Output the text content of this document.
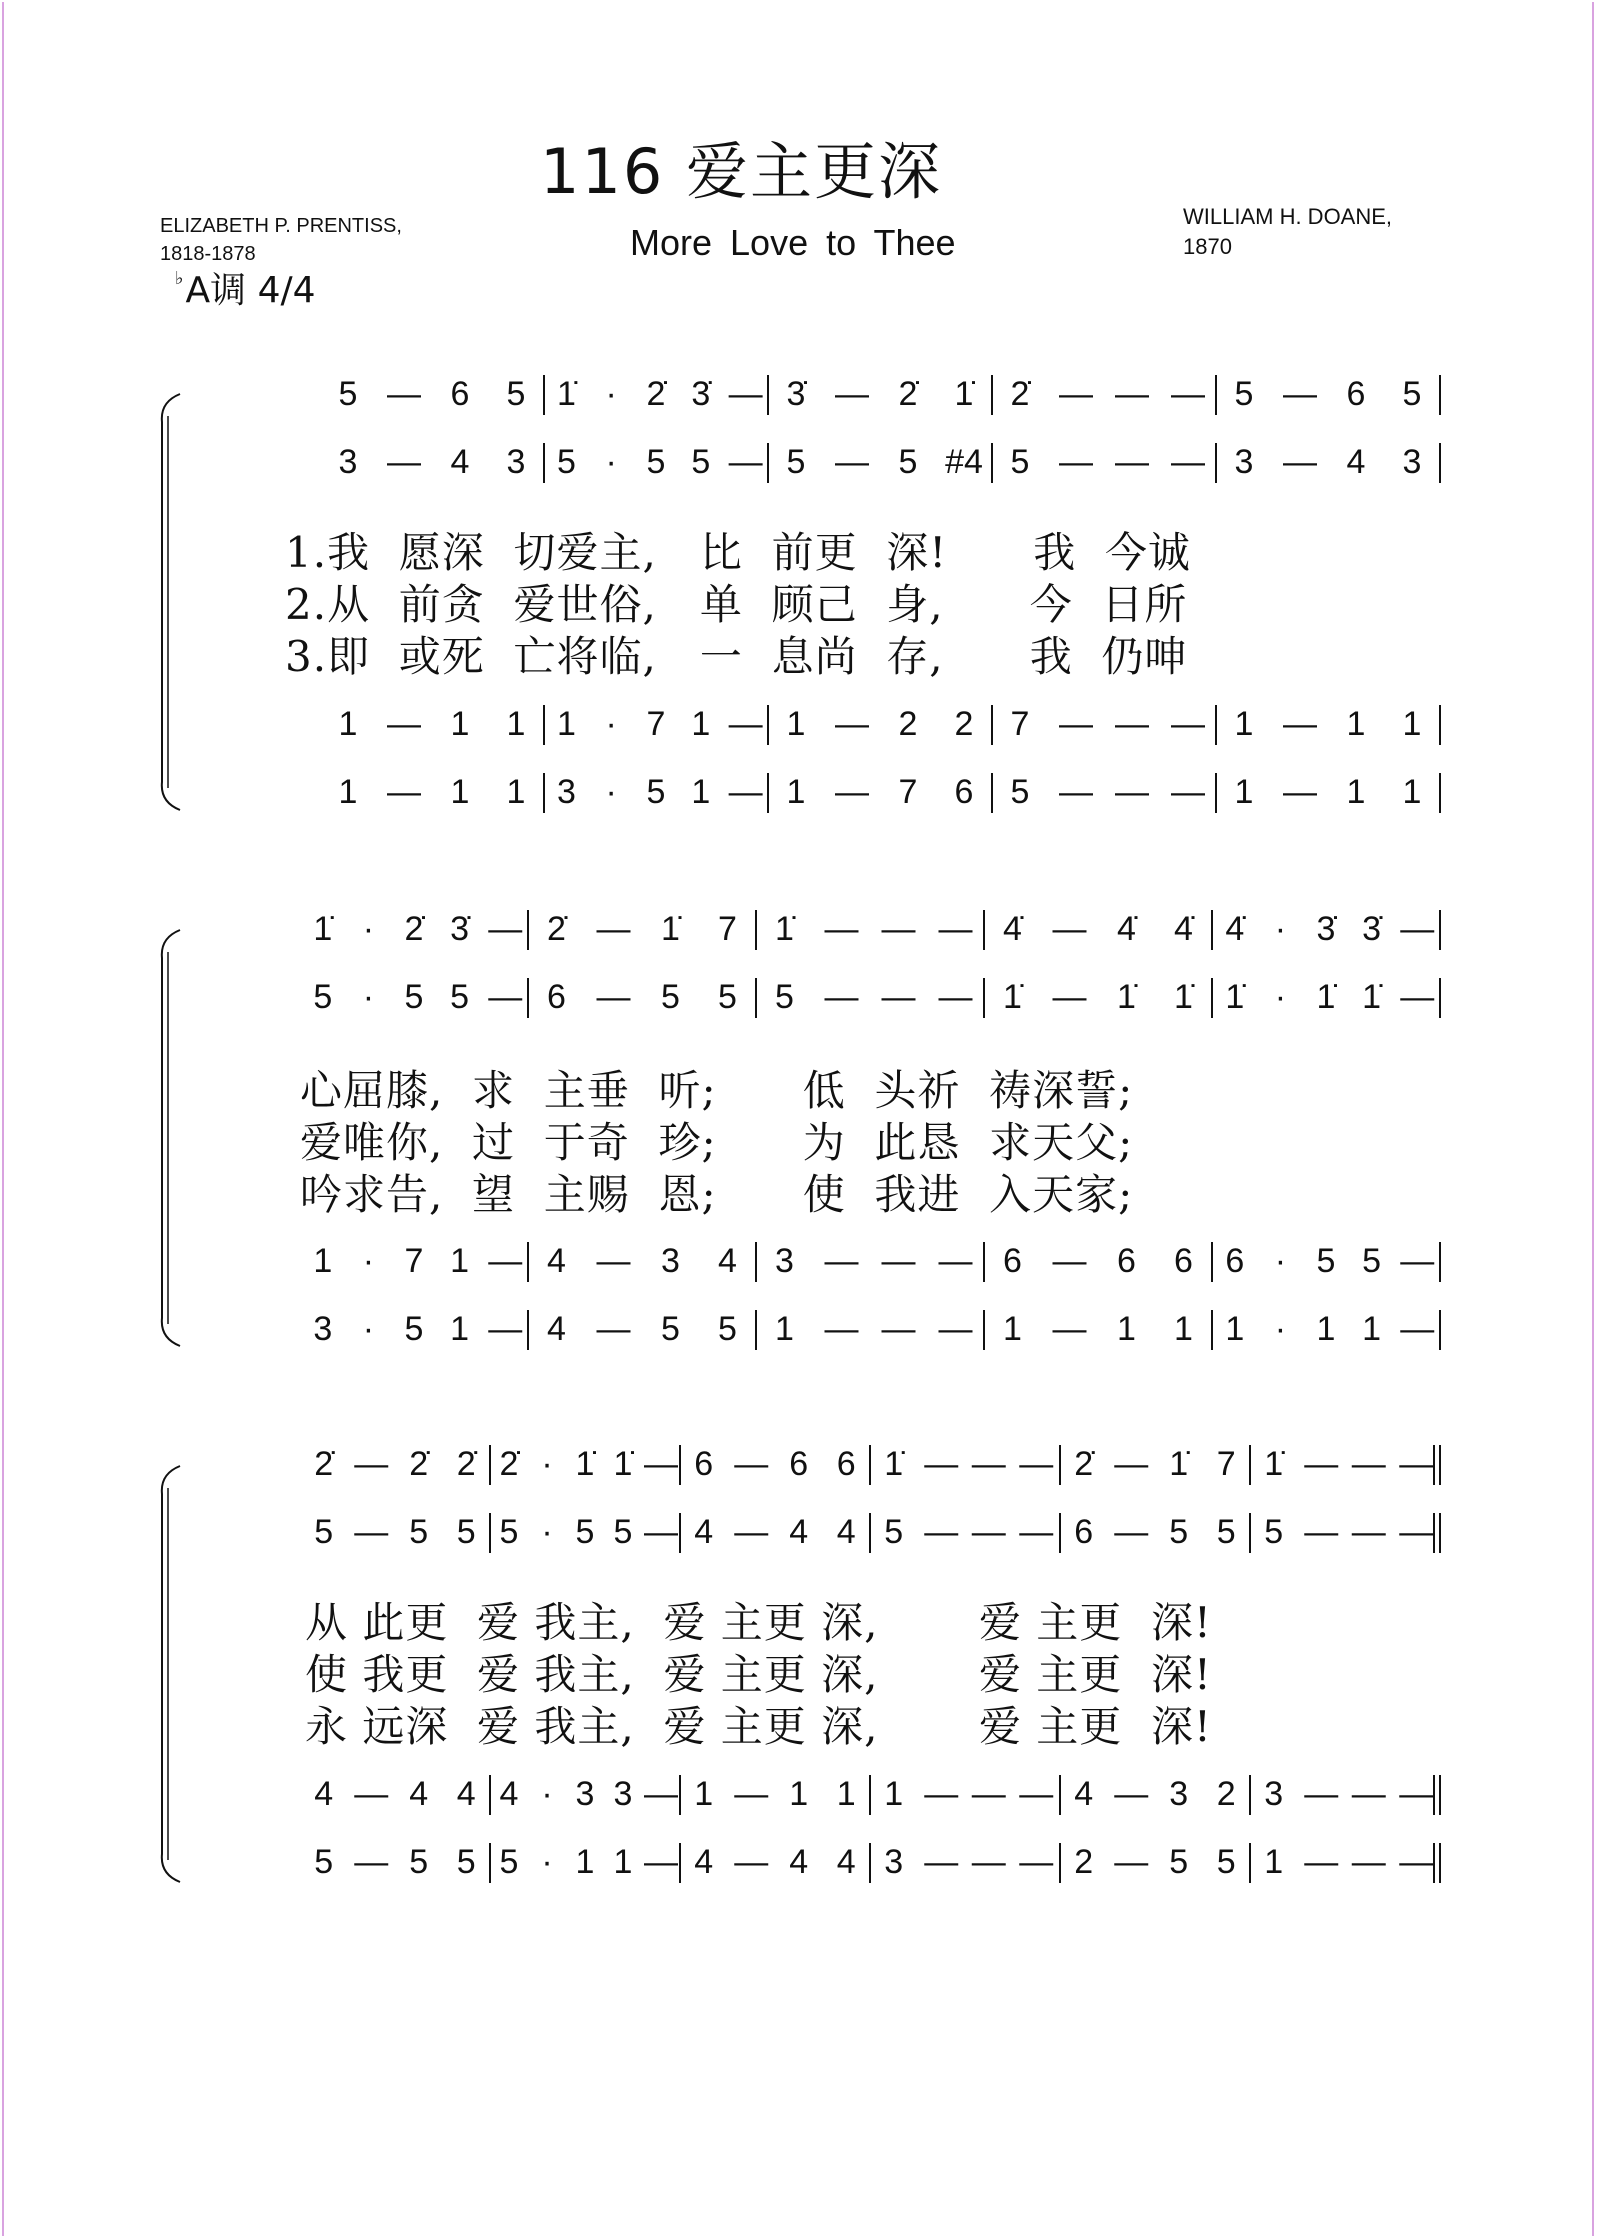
116 爱主更深
More Love to Thee
ELIZABETH P. PRENTISS,
1818-1878
WILLIAM H. DOANE,
1870
♭A调 4/4
5 — 6 5 1̇ · 2̇ 3̇ — 3̇ — 2̇ 1̇ 2̇ — — — 5 — 6 5
3 — 4 3 5 · 5 5 — 5 — 5 #4 5 — — — 3 — 4 3
1 — 1 1 1 · 7 1 — 1 — 2 2 7 — — — 1 — 1 1
1 — 1 1 3 · 5 1 — 1 — 7 6 5 — — — 1 — 1 1
1̇ · 2̇ 3̇ — 2̇ — 1̇ 7 1̇ — — — 4̇ — 4̇ 4̇ 4̇ · 3̇ 3̇ —
5 · 5 5 — 6 — 5 5 5 — — — 1̇ — 1̇ 1̇ 1̇ · 1̇ 1̇ —
1 · 7 1 — 4 — 3 4 3 — — — 6 — 6 6 6 · 5 5 —
3 · 5 1 — 4 — 5 5 1 — — — 1 — 1 1 1 · 1 1 —
2̇ — 2̇ 2̇ 2̇ · 1̇ 1̇ — 6 — 6 6 1̇ — — — 2̇ — 1̇ 7 1̇ — — —
5 — 5 5 5 · 5 5 — 4 — 4 4 5 — — — 6 — 5 5 5 — — —
4 — 4 4 4 · 3 3 — 1 — 1 1 1 — — — 4 — 3 2 3 — — —
5 — 5 5 5 · 1 1 — 4 — 4 4 3 — — — 2 — 5 5 1 — — —
1.我  愿深  切爱主,   比  前更  深!      我  今诚
2.从  前贪  爱世俗,   单  顾己  身,      今  日所
3.即  或死  亡将临,   一  息尚  存,      我  仍呻
心屈膝,  求  主垂  听;      低  头祈  祷深誓;
爱唯你,  过  于奇  珍;      为  此恳  求天父;
吟求告,  望  主赐  恩;      使  我进  入天家;
从 此更  爱 我主,  爱 主更 深,       爱 主更  深!
使 我更  爱 我主,  爱 主更 深,       爱 主更  深!
永 远深  爱 我主,  爱 主更 深,       爱 主更  深!
